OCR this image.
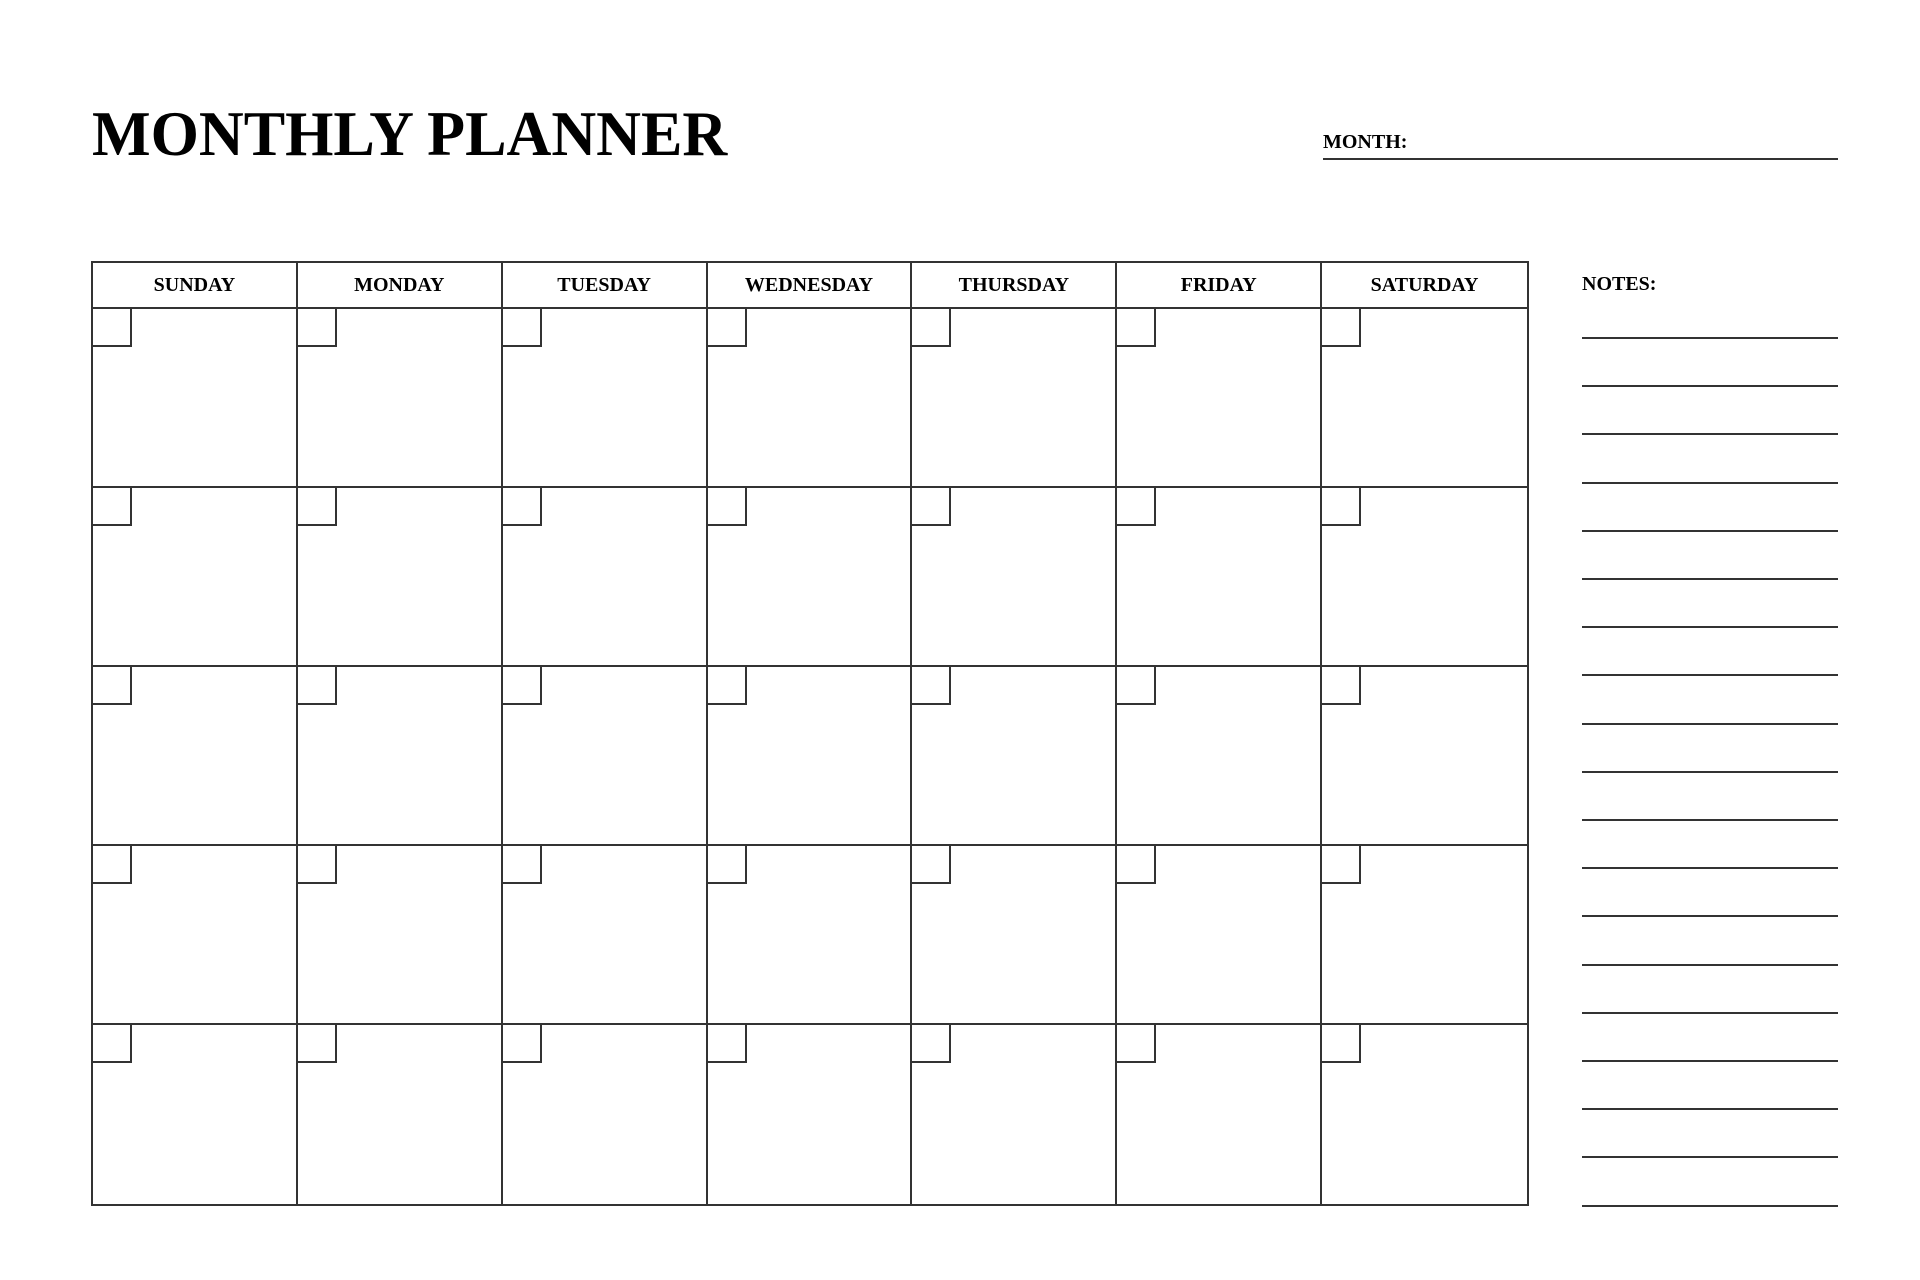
MONTHLY PLANNER	MONTH:
SUNDAY	MONDAY	TUESDAY	WEDNESDAY	THURSDAY	FRIDAY	SATURDAY	NOTES:
